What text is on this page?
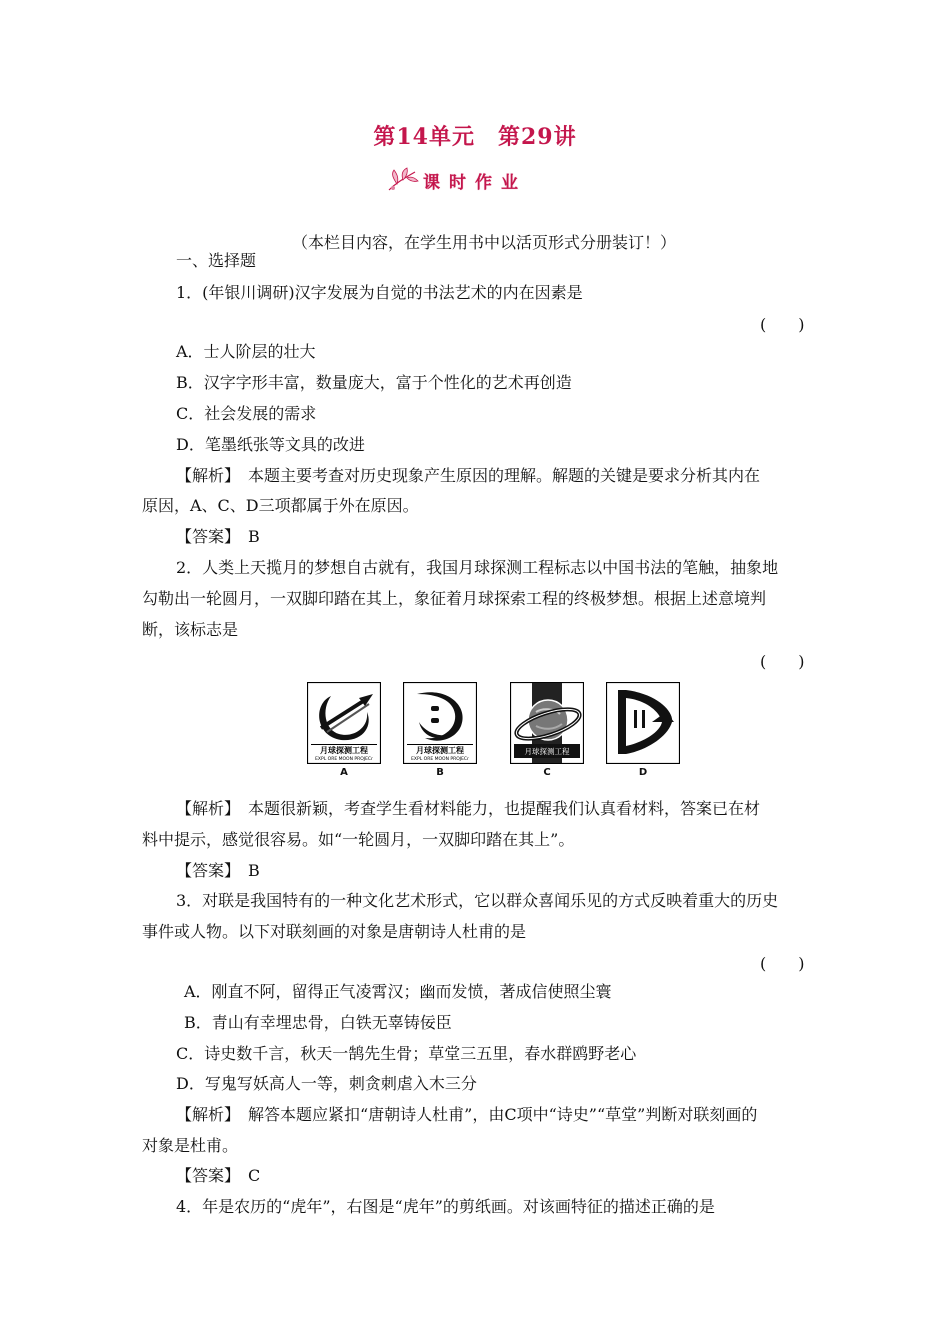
第14单元　第29讲
课时作业
（本栏目内容，在学生用书中以活页形式分册装订！）
一、选择题
1．(年银川调研)汉字发展为自觉的书法艺术的内在因素是
(　　)
A．士人阶层的壮大
B．汉字字形丰富，数量庞大，富于个性化的艺术再创造
C．社会发展的需求
D．笔墨纸张等文具的改进
【解析】　本题主要考查对历史现象产生原因的理解。解题的关键是要求分析其内在
原因，A、C、D三项都属于外在原因。
【答案】　B
2．人类上天揽月的梦想自古就有，我国月球探测工程标志以中国书法的笔触，抽象地
勾勒出一轮圆月，一双脚印踏在其上，象征着月球探索工程的终极梦想。根据上述意境判
断，该标志是
(　　)
月球探测工程
EXPL ORE MOON PROJECr
A
月球探测工程
EXPL ORE MOON PROJECr
B
月球探测工程
C	D
【解析】　本题很新颖，考查学生看材料能力，也提醒我们认真看材料，答案已在材
料中提示，感觉很容易。如“一轮圆月，一双脚印踏在其上”。
【答案】　B
3．对联是我国特有的一种文化艺术形式，它以群众喜闻乐见的方式反映着重大的历史
事件或人物。以下对联刻画的对象是唐朝诗人杜甫的是
(　　)
A．刚直不阿，留得正气凌霄汉；幽而发愤，著成信使照尘寰
B．青山有幸埋忠骨，白铁无辜铸佞臣
C．诗史数千言，秋天一鹄先生骨；草堂三五里，春水群鸥野老心
D．写鬼写妖高人一等，刺贪刺虐入木三分
【解析】　解答本题应紧扣“唐朝诗人杜甫”，由C项中“诗史”“草堂”判断对联刻画的
对象是杜甫。
【答案】　C
4．年是农历的“虎年”，右图是“虎年”的剪纸画。对该画特征的描述正确的是
